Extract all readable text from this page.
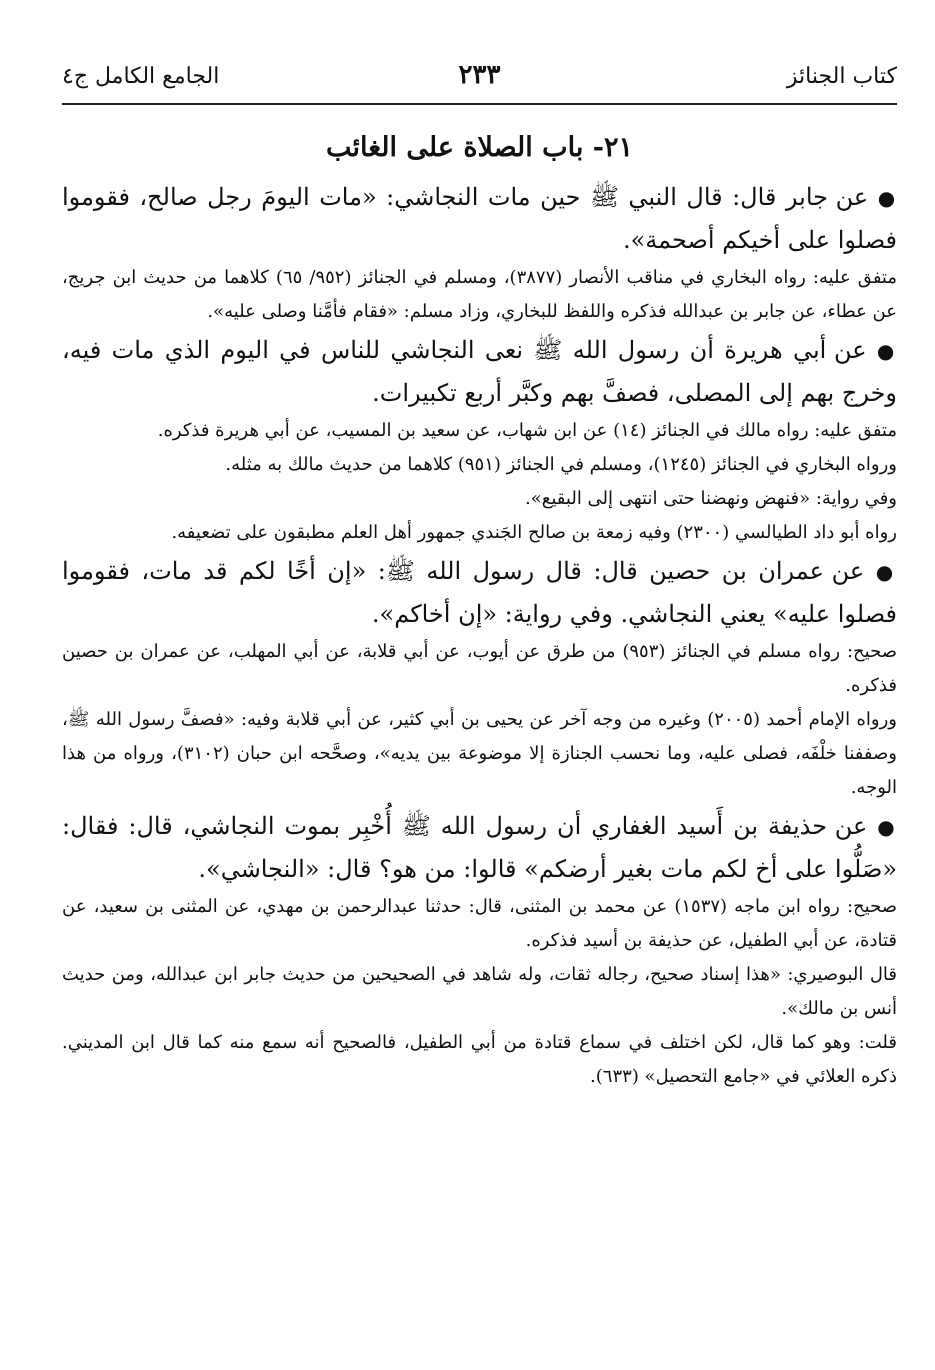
كتاب الجنائز
٢٣٣
الجامع الكامل ج٤
٢١- باب الصلاة على الغائب

● عن جابر قال: قال النبي ﷺ حين مات النجاشي: «مات اليومَ رجل صالح، فقوموا فصلوا على أخيكم أصحمة».

متفق عليه: رواه البخاري في مناقب الأنصار (٣٨٧٧)، ومسلم في الجنائز (٩٥٢/ ٦٥) كلاهما من حديث ابن جريج، عن عطاء، عن جابر بن عبدالله فذكره واللفظ للبخاري، وزاد مسلم: «فقام فأمَّنا وصلى عليه».

● عن أبي هريرة أن رسول الله ﷺ نعى النجاشي للناس في اليوم الذي مات فيه، وخرج بهم إلى المصلى، فصفَّ بهم وكبَّر أربع تكبيرات.

متفق عليه: رواه مالك في الجنائز (١٤) عن ابن شهاب، عن سعيد بن المسيب، عن أبي هريرة فذكره.

ورواه البخاري في الجنائز (١٢٤٥)، ومسلم في الجنائز (٩٥١) كلاهما من حديث مالك به مثله.

وفي رواية: «فنهض ونهضنا حتى انتهى إلى البقيع».

رواه أبو داد الطيالسي (٢٣٠٠) وفيه زمعة بن صالح الجَندي جمهور أهل العلم مطبقون على تضعيفه.

● عن عمران بن حصين قال: قال رسول الله ﷺ: «إن أخًا لكم قد مات، فقوموا فصلوا عليه» يعني النجاشي. وفي رواية: «إن أخاكم».

صحيح: رواه مسلم في الجنائز (٩٥٣) من طرق عن أيوب، عن أبي قلابة، عن أبي المهلب، عن عمران بن حصين فذكره.

ورواه الإمام أحمد (٢٠٠٥) وغيره من وجه آخر عن يحيى بن أبي كثير، عن أبي قلابة وفيه: «فصفَّ رسول الله ﷺ، وصففنا خلْفَه، فصلى عليه، وما نحسب الجنازة إلا موضوعة بين يديه»، وصحَّحه ابن حبان (٣١٠٢)، ورواه من هذا الوجه.

● عن حذيفة بن أَسيد الغفاري أن رسول الله ﷺ أُخْبِر بموت النجاشي، قال: فقال: «صَلُّوا على أخ لكم مات بغير أرضكم» قالوا: من هو؟ قال: «النجاشي».

صحيح: رواه ابن ماجه (١٥٣٧) عن محمد بن المثنى، قال: حدثنا عبدالرحمن بن مهدي، عن المثنى بن سعيد، عن قتادة، عن أبي الطفيل، عن حذيفة بن أسيد فذكره.

قال البوصيري: «هذا إسناد صحيح، رجاله ثقات، وله شاهد في الصحيحين من حديث جابر ابن عبدالله، ومن حديث أنس بن مالك».

قلت: وهو كما قال، لكن اختلف في سماع قتادة من أبي الطفيل، فالصحيح أنه سمع منه كما قال ابن المديني. ذكره العلائي في «جامع التحصيل» (٦٣٣).
